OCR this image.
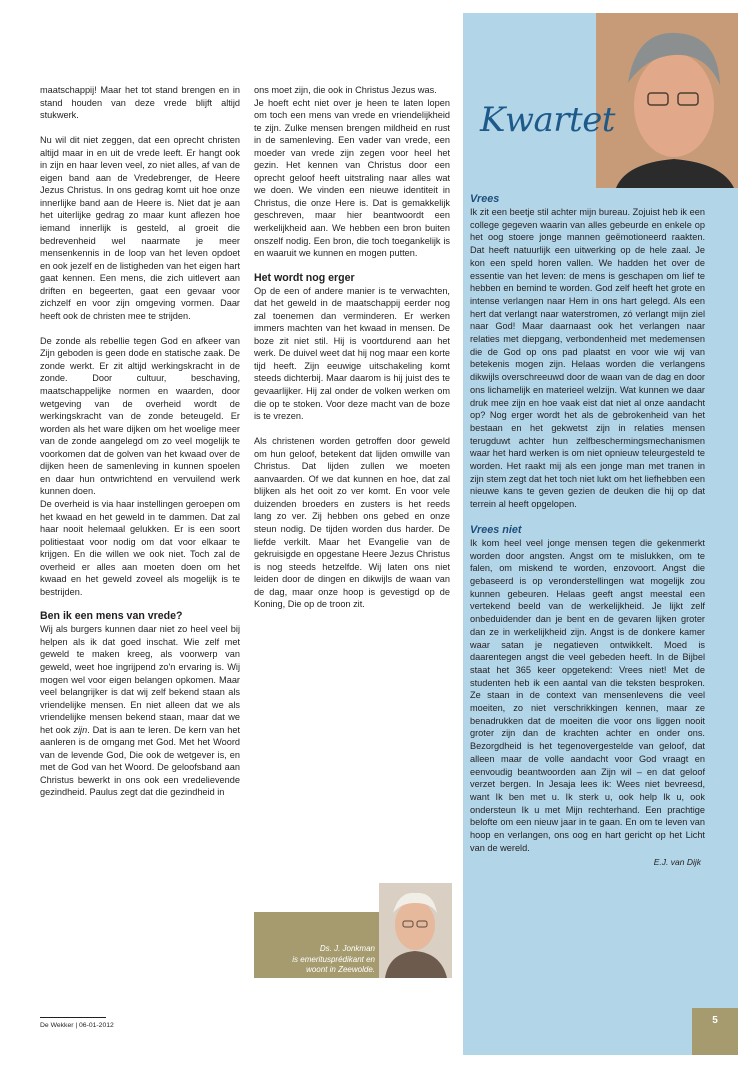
maatschappij! Maar het tot stand brengen en in stand houden van deze vrede blijft altijd stukwerk.

Nu wil dit niet zeggen, dat een oprecht christen altijd maar in en uit de vrede leeft. Er hangt ook in zijn en haar leven veel, zo niet alles, af van de eigen band aan de Vredebrenger, de Heere Jezus Christus. In ons gedrag komt uit hoe onze innerlijke band aan de Heere is. Niet dat je aan het uiterlijke gedrag zo maar kunt aflezen hoe iemand innerlijk is gesteld, al groeit die bedrevenheid wel naarmate je meer mensenkennis in de loop van het leven opdoet en ook jezelf en de listigheden van het eigen hart gaat kennen. Een mens, die zich uitlevert aan driften en begeerten, gaat een gevaar voor zichzelf en voor zijn omgeving vormen. Daar heeft ook de christen mee te strijden.

De zonde als rebellie tegen God en afkeer van Zijn geboden is geen dode en statische zaak. De zonde werkt. Er zit altijd werkingskracht in de zonde. Door cultuur, beschaving, maatschappelijke normen en waarden, door wetgeving van de overheid wordt de werkingskracht van de zonde beteugeld. Er worden als het ware dijken om het woelige meer van de zonde aangelegd om zo veel mogelijk te voorkomen dat de golven van het kwaad over de dijken heen de samenleving in kunnen spoelen en daar hun ontwrichtend en vervuilend werk kunnen doen.

De overheid is via haar instellingen geroepen om het kwaad en het geweld in te dammen. Dat zal haar nooit helemaal gelukken. Er is een soort politiestaat voor nodig om dat voor elkaar te krijgen. En die willen we ook niet. Toch zal de overheid er alles aan moeten doen om het kwaad en het geweld zoveel als mogelijk is te bestrijden.

Ben ik een mens van vrede?

Wij als burgers kunnen daar niet zo heel veel bij helpen als ik dat goed inschat. Wie zelf met geweld te maken kreeg, als voorwerp van geweld, weet hoe ingrijpend zo'n ervaring is. Wij mogen wel voor eigen belangen opkomen. Maar veel belangrijker is dat wij zelf bekend staan als vriendelijke mensen. En niet alleen dat we als vriendelijke mensen bekend staan, maar dat we het ook zijn. Dat is aan te leren. De kern van het aanleren is de omgang met God. Met het Woord van de levende God, Die ook de wetgever is, en met de God van het Woord. De geloofsband aan Christus bewerkt in ons ook een vredelievende gezindheid. Paulus zegt dat die gezindheid in

ons moet zijn, die ook in Christus Jezus was.

Je hoeft echt niet over je heen te laten lopen om toch een mens van vrede en vriendelijkheid te zijn. Zulke mensen brengen mildheid en rust in de samenleving. Een vader van vrede, een moeder van vrede zijn zegen voor heel het gezin. Het kennen van Christus door een oprecht geloof heeft uitstraling naar alles wat we doen. We vinden een nieuwe identiteit in Christus, die onze Here is. Dat is gemakkelijk geschreven, maar hier beantwoordt een werkelijkheid aan. We hebben een bron buiten onszelf nodig. Een bron, die toch toegankelijk is en waaruit we kunnen en mogen putten.

Het wordt nog erger

Op de een of andere manier is te verwachten, dat het geweld in de maatschappij eerder nog zal toenemen dan verminderen. Er werken immers machten van het kwaad in mensen. De boze zit niet stil. Hij is voortdurend aan het werk. De duivel weet dat hij nog maar een korte tijd heeft. Zijn eeuwige uitschakeling komt steeds dichterbij. Maar daarom is hij juist des te gevaarlijker. Hij zal onder de volken werken om die op te stoken. Voor deze macht van de boze is te vrezen.

Als christenen worden getroffen door geweld om hun geloof, betekent dat lijden omwille van Christus. Dat lijden zullen we moeten aanvaarden. Of we dat kunnen en hoe, dat zal blijken als het ooit zo ver komt. En voor vele duizenden broeders en zusters is het reeds lang zo ver. Zij hebben ons gebed en onze steun nodig. De tijden worden dus harder. De liefde verkilt. Maar het Evangelie van de gekruisigde en opgestane Heere Jezus Christus is nog steeds hetzelfde. Wij laten ons niet leiden door de dingen en dikwijls de waan van de dag, maar onze hoop is gevestigd op de Koning, Die op de troon zit.

Ds. J. Jonkman
is emeritusprédikant en
woont in Zeewolde.
Kwartet
Vrees

Ik zit een beetje stil achter mijn bureau. Zojuist heb ik een college gegeven waarin van alles gebeurde en enkele op het oog stoere jonge mannen geëmotioneerd raakten. Dat heeft natuurlijk een uitwerking op de hele zaal. Je kon een speld horen vallen. We hadden het over de essentie van het leven: de mens is geschapen om lief te hebben en bemind te worden. God zelf heeft het grote en intense verlangen naar Hem in ons hart gelegd. Als een hert dat verlangt naar waterstromen, zó verlangt mijn ziel naar God! Maar daarnaast ook het verlangen naar relaties met diepgang, verbondenheid met medemensen die de God op ons pad plaatst en voor wie wij van betekenis mogen zijn. Helaas worden die verlangens dikwijls overschreeuwd door de waan van de dag en door ons lichamelijk en materieel welzijn. Wat kunnen we daar druk mee zijn en hoe vaak eist dat niet al onze aandacht op? Nog erger wordt het als de gebrokenheid van het bestaan en het gekwetst zijn in relaties mensen terugduwt achter hun zelfbeschermingsmechanismen waar het hard werken is om niet opnieuw teleurgesteld te worden. Het raakt mij als een jonge man met tranen in zijn stem zegt dat het toch niet lukt om het liefhebben een nieuwe kans te geven gezien de deuken die hij op dat terrein al heeft opgelopen.

Vrees niet

Ik kom heel veel jonge mensen tegen die gekenmerkt worden door angsten. Angst om te mislukken, om te falen, om miskend te worden, enzovoort. Angst die gebaseerd is op veronderstellingen wat mogelijk zou kunnen gebeuren. Helaas geeft angst meestal een vertekend beeld van de werkelijkheid. Je lijkt zelf onbeduidender dan je bent en de gevaren lijken groter dan ze in werkelijkheid zijn. Angst is de donkere kamer waar satan je negatieven ontwikkelt. Moed is daarentegen angst die veel gebeden heeft. In de Bijbel staat het 365 keer opgetekend: Vrees niet! Met de studenten heb ik een aantal van die teksten besproken. Ze staan in de context van mensenlevens die veel moeiten, zo niet verschrikkingen kennen, maar ze benadrukken dat de moeiten die voor ons liggen nooit groter zijn dan de krachten achter en onder ons. Bezorgdheid is het tegenovergestelde van geloof, dat alleen maar de volle aandacht voor God vraagt en eenvoudig beantwoorden aan Zijn wil – en dat geloof verzet bergen. In Jesaja lees ik: Wees niet bevreesd, want Ik ben met u. Ik sterk u, ook help Ik u, ook ondersteun Ik u met Mijn rechterhand. Een prachtige belofte om een nieuw jaar in te gaan. En om te leven van hoop en verlangen, ons oog en hart gericht op het Licht van de wereld.

E.J. van Dijk
De Wekker | 06-01-2012	5
